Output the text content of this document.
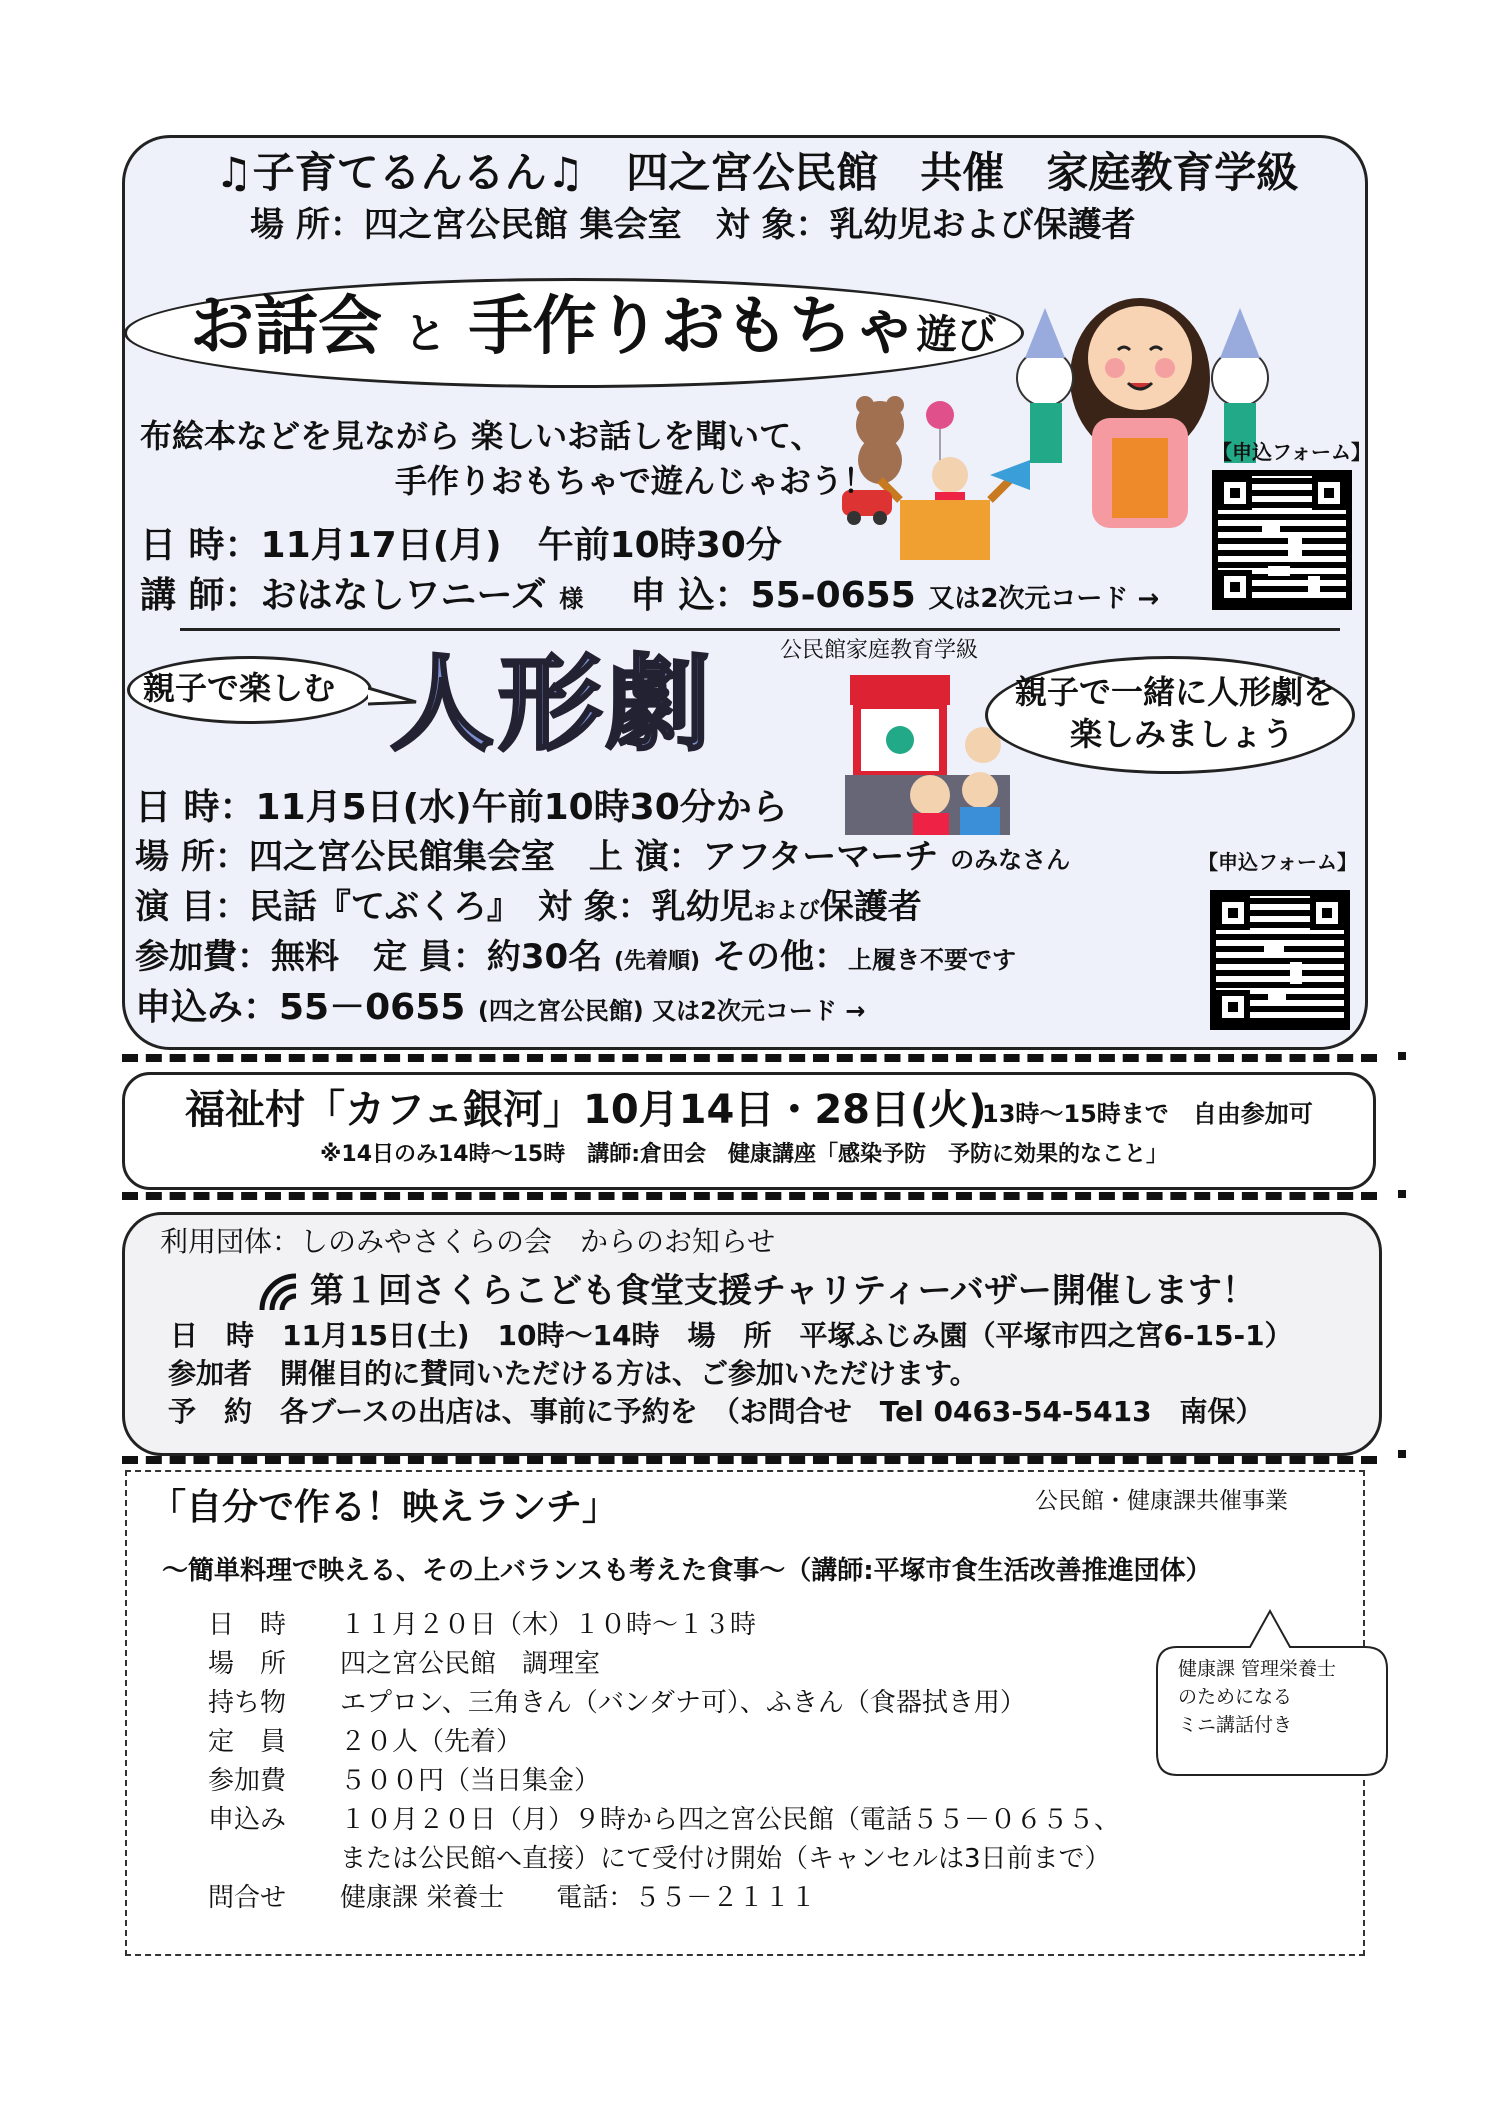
♫子育てるんるん♫　四之宮公民館　共催　家庭教育学級
場 所：四之宮公民館 集会室　対 象：乳幼児および保護者
お話会 と 手作りおもちゃ遊び
布絵本などを見ながら 楽しいお話しを聞いて、
手作りおもちゃで遊んじゃおう！
日 時：11月17日(月)　午前10時30分
講 師：おはなしワニーズ 様 申 込：55-0655 又は2次元コード →
【申込フォーム】
公民館家庭教育学級
親子で楽しむ 人形劇	親子で一緒に人形劇を
楽しみましょう
日 時：11月5日(水)午前10時30分から
場 所：四之宮公民館集会室　上 演：アフターマーチ のみなさん
演 目：民話『てぶくろ』　対 象：乳幼児および保護者
参加費：無料　定 員：約30名 (先着順) その他：上履き不要です
申込み：55－0655 (四之宮公民館) 又は2次元コード →
【申込フォーム】
福祉村「カフェ銀河」10月14日・28日(火)
13時～15時まで　自由参加可
※14日のみ14時～15時　講師:倉田会　健康講座「感染予防　予防に効果的なこと」
利用団体：しのみやさくらの会　からのお知らせ
第１回さくらこども食堂支援チャリティーバザー開催します！
日　時　11月15日(土)　10時～14時　場　所　平塚ふじみ園（平塚市四之宮6-15-1）
参加者　開催目的に賛同いただける方は、ご参加いただけます。
予　約　各ブースの出店は、事前に予約を　（お問合せ　Tel 0463-54-5413　南保）
「自分で作る！映えランチ」	公民館・健康課共催事業
～簡単料理で映える、その上バランスも考えた食事～（講師:平塚市食生活改善推進団体）
日　時 １１月２０日（木）１０時～１３時
場　所 四之宮公民館　調理室
持ち物 エプロン、三角きん（バンダナ可）、ふきん（食器拭き用）
定　員 ２０人（先着）
参加費 ５００円（当日集金）
申込み １０月２０日（月）９時から四之宮公民館（電話５５－０６５５、
または公民館へ直接）にて受付け開始（キャンセルは3日前まで）
問合せ 健康課 栄養士　　電話：５５－２１１１
健康課 管理栄養士
のためになる
ミニ講話付き
